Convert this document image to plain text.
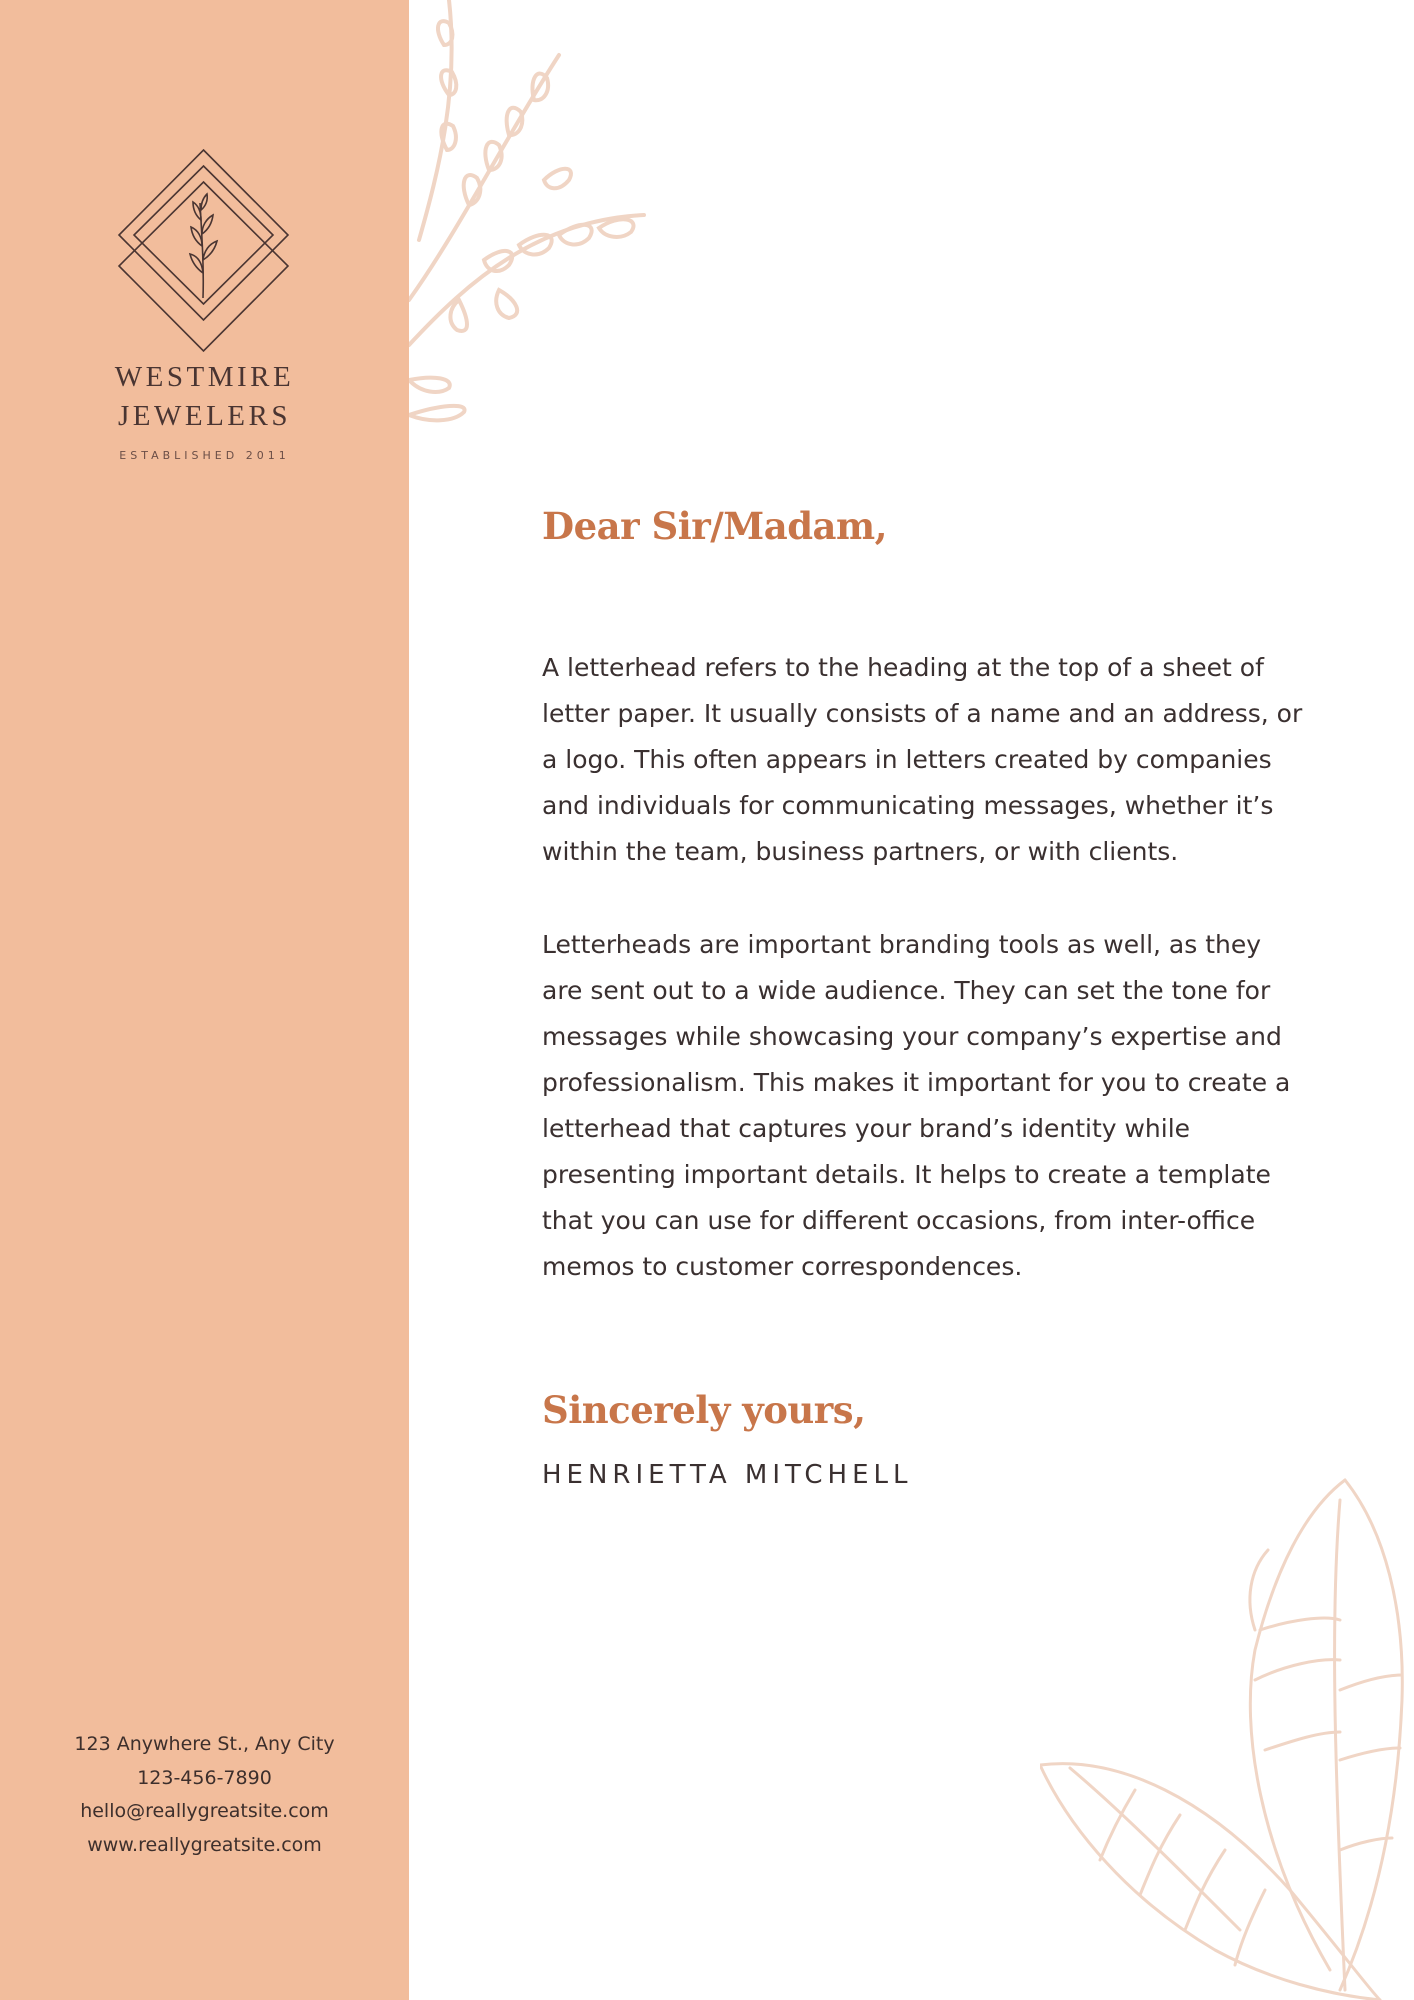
WESTMIRE
JEWELERS
ESTABLISHED 2011
123 Anywhere St., Any City
123-456-7890
hello@reallygreatsite.com
www.reallygreatsite.com
Dear Sir/Madam,
A letterhead refers to the heading at the top of a sheet of
letter paper. It usually consists of a name and an address, or
a logo. This often appears in letters created by companies
and individuals for communicating messages, whether it’s
within the team, business partners, or with clients.
Letterheads are important branding tools as well, as they
are sent out to a wide audience. They can set the tone for
messages while showcasing your company’s expertise and
professionalism. This makes it important for you to create a
letterhead that captures your brand’s identity while
presenting important details. It helps to create a template
that you can use for different occasions, from inter-office
memos to customer correspondences.
Sincerely yours,
HENRIETTA MITCHELL
